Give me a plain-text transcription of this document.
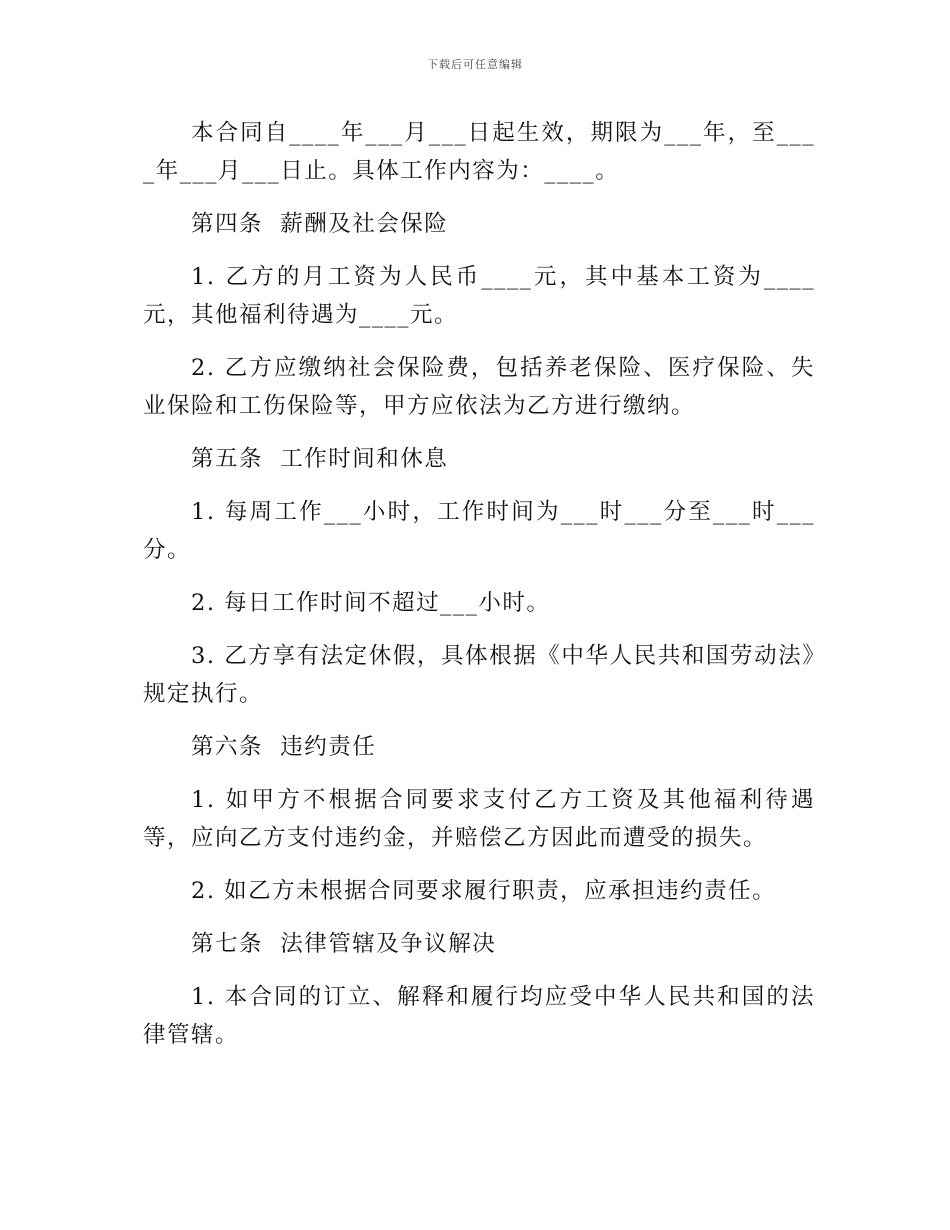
下载后可任意编辑

本合同自____年___月___日起生效，期限为___年，至____年___月___日止。具体工作内容为：____。

第四条  薪酬及社会保险

1. 乙方的月工资为人民币____元，其中基本工资为____元，其他福利待遇为____元。

2. 乙方应缴纳社会保险费，包括养老保险、医疗保险、失业保险和工伤保险等，甲方应依法为乙方进行缴纳。

第五条  工作时间和休息

1. 每周工作___小时，工作时间为___时___分至___时___分。

2. 每日工作时间不超过___小时。

3. 乙方享有法定休假，具体根据《中华人民共和国劳动法》规定执行。

第六条  违约责任

1. 如甲方不根据合同要求支付乙方工资及其他福利待遇等，应向乙方支付违约金，并赔偿乙方因此而遭受的损失。

2. 如乙方未根据合同要求履行职责，应承担违约责任。

第七条  法律管辖及争议解决

1. 本合同的订立、解释和履行均应受中华人民共和国的法律管辖。
